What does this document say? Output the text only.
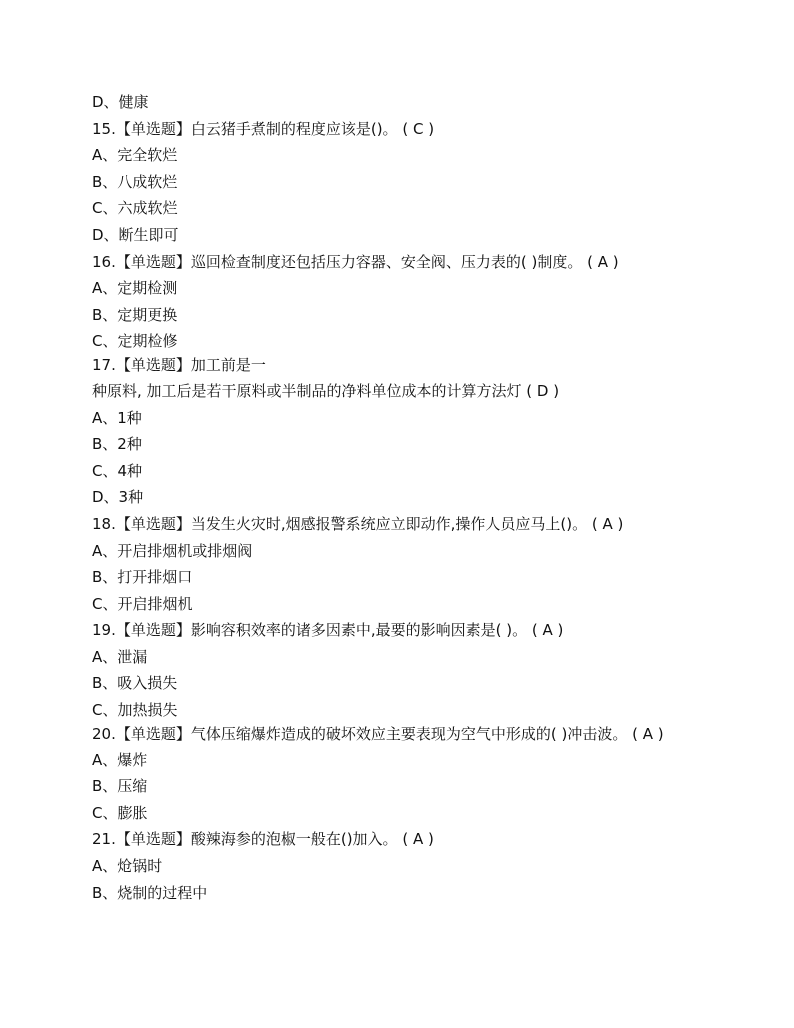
D、健康
15.【单选题】白云猪手煮制的程度应该是()。 ( C )
A、完全软烂
B、八成软烂
C、六成软烂
D、断生即可
16.【单选题】巡回检查制度还包括压力容器、安全阀、压力表的( )制度。 ( A )
A、定期检测
B、定期更换
C、定期检修
17.【单选题】加工前是一
种原料, 加工后是若干原料或半制品的净料单位成本的计算方法灯 ( D )
A、1种
B、2种
C、4种
D、3种
18.【单选题】当发生火灾时,烟感报警系统应立即动作,操作人员应马上()。 ( A )
A、开启排烟机或排烟阀
B、打开排烟口
C、开启排烟机
19.【单选题】影响容积效率的诸多因素中,最要的影响因素是( )。 ( A )
A、泄漏
B、吸入损失
C、加热损失
20.【单选题】气体压缩爆炸造成的破坏效应主要表现为空气中形成的( )冲击波。 ( A )
A、爆炸
B、压缩
C、膨胀
21.【单选题】酸辣海参的泡椒一般在()加入。 ( A )
A、炝锅时
B、烧制的过程中
